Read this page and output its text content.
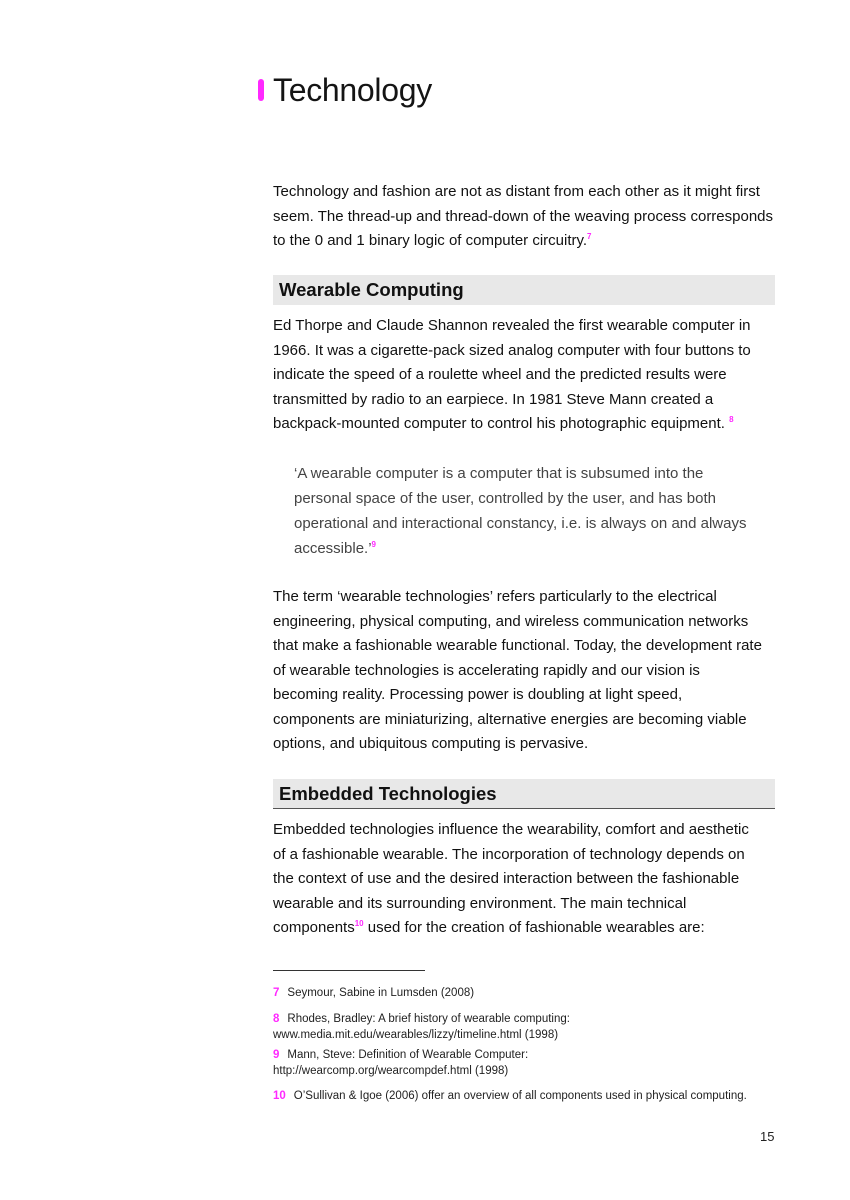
Technology

Technology and fashion are not as distant from each other as it might first
seem. The thread-up and thread-down of the weaving process corresponds
to the 0 and 1 binary logic of computer circuitry.$^7$

Wearable Computing

Ed Thorpe and Claude Shannon revealed the first wearable computer in
1966. It was a cigarette-pack sized analog computer with four buttons to
indicate the speed of a roulette wheel and the predicted results were
transmitted by radio to an earpiece. In 1981 Steve Mann created a
backpack-mounted computer to control his photographic equipment. $^8$

‘A wearable computer is a computer that is subsumed into the
personal space of the user, controlled by the user, and has both
operational and interactional constancy, i.e. is always on and always
accessible.’$^9$

The term ‘wearable technologies’ refers particularly to the electrical
engineering, physical computing, and wireless communication networks
that make a fashionable wearable functional. Today, the development rate
of wearable technologies is accelerating rapidly and our vision is
becoming reality. Processing power is doubling at light speed,
components are miniaturizing, alternative energies are becoming viable
options, and ubiquitous computing is pervasive.

Embedded Technologies

Embedded technologies influence the wearability, comfort and aesthetic
of a fashionable wearable. The incorporation of technology depends on
the context of use and the desired interaction between the fashionable
wearable and its surrounding environment. The main technical
components$^{10}$ used for the creation of fashionable wearables are:

7 Seymour, Sabine in Lumsden (2008)
8 Rhodes, Bradley: A brief history of wearable computing:
www.media.mit.edu/wearables/lizzy/timeline.html (1998)
9 Mann, Steve: Definition of Wearable Computer:
http://wearcomp.org/wearcompdef.html (1998)
10 O’Sullivan & Igoe (2006) offer an overview of all components used in physical computing.
15
